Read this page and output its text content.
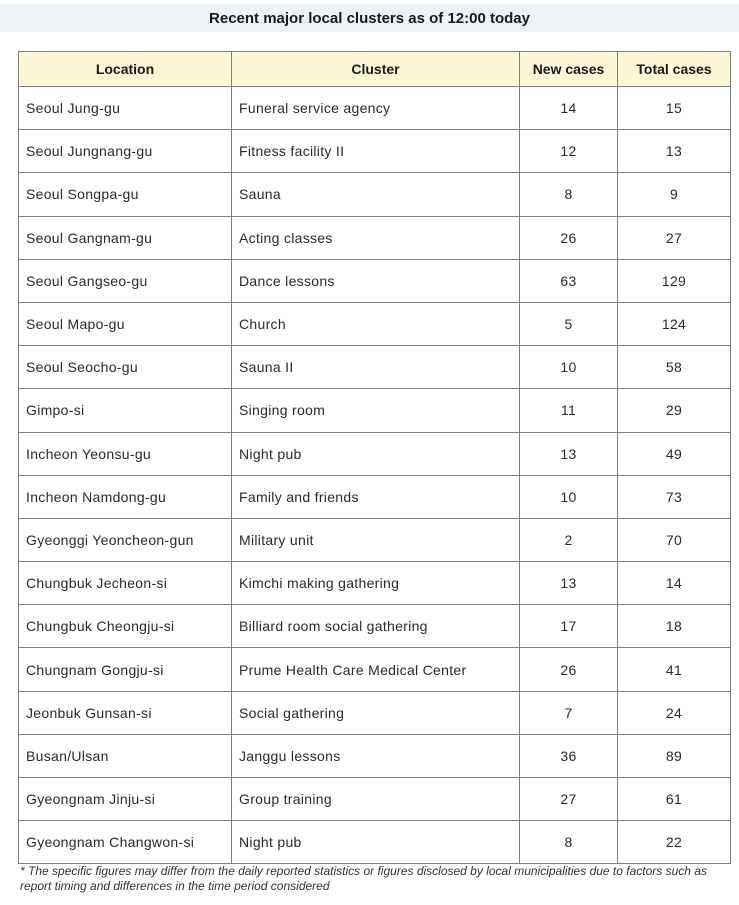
Recent major local clusters as of 12:00 today
Location	Cluster	New cases	Total cases
Seoul Jung-gu	Funeral service agency	14	15
Seoul Jungnang-gu	Fitness facility II	12	13
Seoul Songpa-gu	Sauna	8	9
Seoul Gangnam-gu	Acting classes	26	27
Seoul Gangseo-gu	Dance lessons	63	129
Seoul Mapo-gu	Church	5	124
Seoul Seocho-gu	Sauna II	10	58
Gimpo-si	Singing room	11	29
Incheon Yeonsu-gu	Night pub	13	49
Incheon Namdong-gu	Family and friends	10	73
Gyeonggi Yeoncheon-gun	Military unit	2	70
Chungbuk Jecheon-si	Kimchi making gathering	13	14
Chungbuk Cheongju-si	Billiard room social gathering	17	18
Chungnam Gongju-si	Prume Health Care Medical Center	26	41
Jeonbuk Gunsan-si	Social gathering	7	24
Busan/Ulsan	Janggu lessons	36	89
Gyeongnam Jinju-si	Group training	27	61
Gyeongnam Changwon-si	Night pub	8	22
* The specific figures may differ from the daily reported statistics or figures disclosed by local municipalities due to factors such as report timing and differences in the time period considered
